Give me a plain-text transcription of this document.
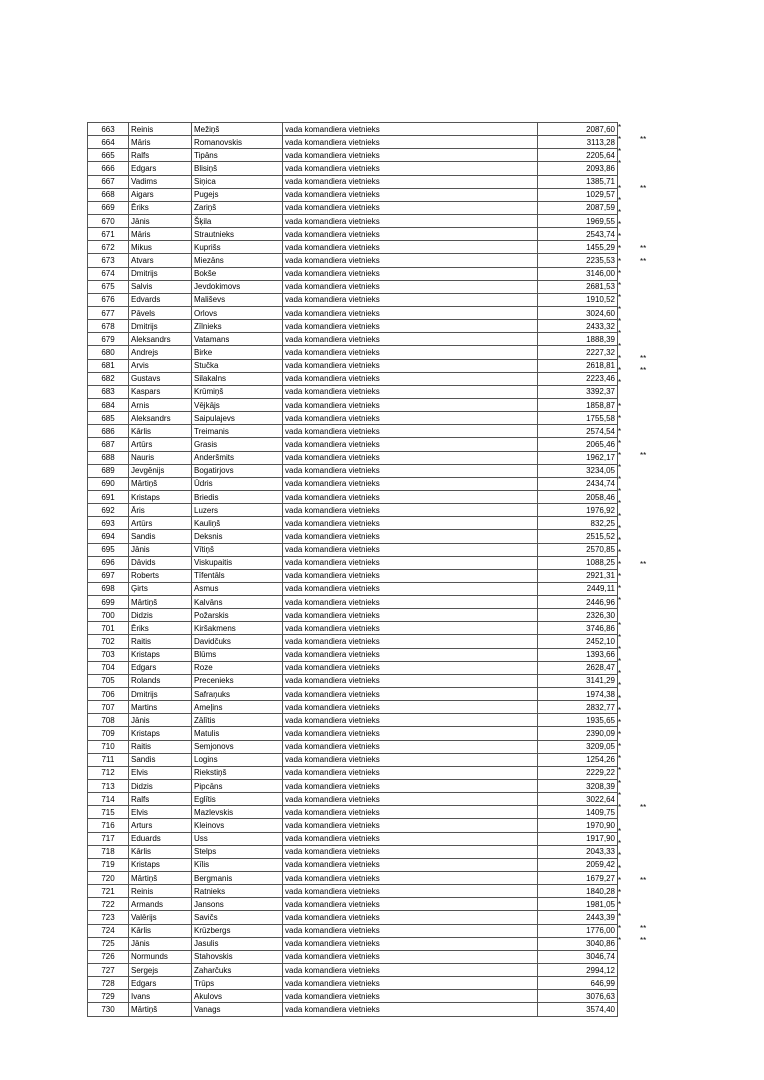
663	Reinis	Mežiņš	vada komandiera vietnieks	2087,60
664	Māris	Romanovskis	vada komandiera vietnieks	3113,28
665	Ralfs	Tipāns	vada komandiera vietnieks	2205,64
666	Edgars	Blisiņš	vada komandiera vietnieks	2093,86
667	Vadims	Siņica	vada komandiera vietnieks	1385,71
668	Aigars	Pugejs	vada komandiera vietnieks	1029,57
669	Ēriks	Zariņš	vada komandiera vietnieks	2087,59
670	Jānis	Šķila	vada komandiera vietnieks	1969,55
671	Māris	Strautnieks	vada komandiera vietnieks	2543,74
672	Mikus	Kuprišs	vada komandiera vietnieks	1455,29
673	Atvars	Miezāns	vada komandiera vietnieks	2235,53
674	Dmitrijs	Bokše	vada komandiera vietnieks	3146,00
675	Salvis	Jevdokimovs	vada komandiera vietnieks	2681,53
676	Edvards	Mališevs	vada komandiera vietnieks	1910,52
677	Pāvels	Orlovs	vada komandiera vietnieks	3024,60
678	Dmitrijs	Zīlnieks	vada komandiera vietnieks	2433,32
679	Aleksandrs	Vatamans	vada komandiera vietnieks	1888,39
680	Andrejs	Birke	vada komandiera vietnieks	2227,32
681	Arvis	Stučka	vada komandiera vietnieks	2618,81
682	Gustavs	Silakalns	vada komandiera vietnieks	2223,46
683	Kaspars	Krūmiņš	vada komandiera vietnieks	3392,37
684	Arnis	Vējkājs	vada komandiera vietnieks	1858,87
685	Aleksandrs	Saipulajevs	vada komandiera vietnieks	1755,58
686	Kārlis	Treimanis	vada komandiera vietnieks	2574,54
687	Artūrs	Grasis	vada komandiera vietnieks	2065,46
688	Nauris	Anderšmits	vada komandiera vietnieks	1962,17
689	Jevgēnijs	Bogatirjovs	vada komandiera vietnieks	3234,05
690	Mārtiņš	Ūdris	vada komandiera vietnieks	2434,74
691	Kristaps	Briedis	vada komandiera vietnieks	2058,46
692	Āris	Luzers	vada komandiera vietnieks	1976,92
693	Artūrs	Kauliņš	vada komandiera vietnieks	832,25
694	Sandis	Deksnis	vada komandiera vietnieks	2515,52
695	Jānis	Vītiņš	vada komandiera vietnieks	2570,85
696	Dāvids	Viskupaitis	vada komandiera vietnieks	1088,25
697	Roberts	Tīfentāls	vada komandiera vietnieks	2921,31
698	Ģirts	Asmus	vada komandiera vietnieks	2449,11
699	Mārtiņš	Kalvāns	vada komandiera vietnieks	2446,96
700	Didzis	Požarskis	vada komandiera vietnieks	2326,30
701	Ēriks	Kiršakmens	vada komandiera vietnieks	3746,86
702	Raitis	Davidčuks	vada komandiera vietnieks	2452,10
703	Kristaps	Blūms	vada komandiera vietnieks	1393,66
704	Edgars	Roze	vada komandiera vietnieks	2628,47
705	Rolands	Precenieks	vada komandiera vietnieks	3141,29
706	Dmitrijs	Safraņuks	vada komandiera vietnieks	1974,38
707	Martins	Ameļins	vada komandiera vietnieks	2832,77
708	Jānis	Zālītis	vada komandiera vietnieks	1935,65
709	Kristaps	Matulis	vada komandiera vietnieks	2390,09
710	Raitis	Semjonovs	vada komandiera vietnieks	3209,05
711	Sandis	Logins	vada komandiera vietnieks	1254,26
712	Elvis	Riekstiņš	vada komandiera vietnieks	2229,22
713	Didzis	Pipcāns	vada komandiera vietnieks	3208,39
714	Ralfs	Eglītis	vada komandiera vietnieks	3022,64
715	Elvis	Mazlevskis	vada komandiera vietnieks	1409,75
716	Arturs	Kleinovs	vada komandiera vietnieks	1970,90
717	Eduards	Uss	vada komandiera vietnieks	1917,90
718	Kārlis	Stelps	vada komandiera vietnieks	2043,33
719	Kristaps	Kīlis	vada komandiera vietnieks	2059,42
720	Mārtiņš	Bergmanis	vada komandiera vietnieks	1679,27
721	Reinis	Ratnieks	vada komandiera vietnieks	1840,28
722	Armands	Jansons	vada komandiera vietnieks	1981,05
723	Valērijs	Savičs	vada komandiera vietnieks	2443,39
724	Kārlis	Krūzbergs	vada komandiera vietnieks	1776,00
725	Jānis	Jasulis	vada komandiera vietnieks	3040,86
726	Normunds	Stahovskis	vada komandiera vietnieks	3046,74
727	Sergejs	Zaharčuks	vada komandiera vietnieks	2994,12
728	Edgars	Trūps	vada komandiera vietnieks	646,99
729	Ivans	Akulovs	vada komandiera vietnieks	3076,63
730	Mārtiņš	Vanags	vada komandiera vietnieks	3574,40
*
* **
*
*
* **
*
*
*
*
* **
* **
*
*
*
*
*
*
*
* **
* **
*
*
*
*
*
* **
*
*
*
*
*
*
*
*
* **
*
*
*
*
*
*
*
*
*
*
*
*
*
*
*
*
*
*
* **
*
*
*
*
* **
*
*
*
* **
* **
